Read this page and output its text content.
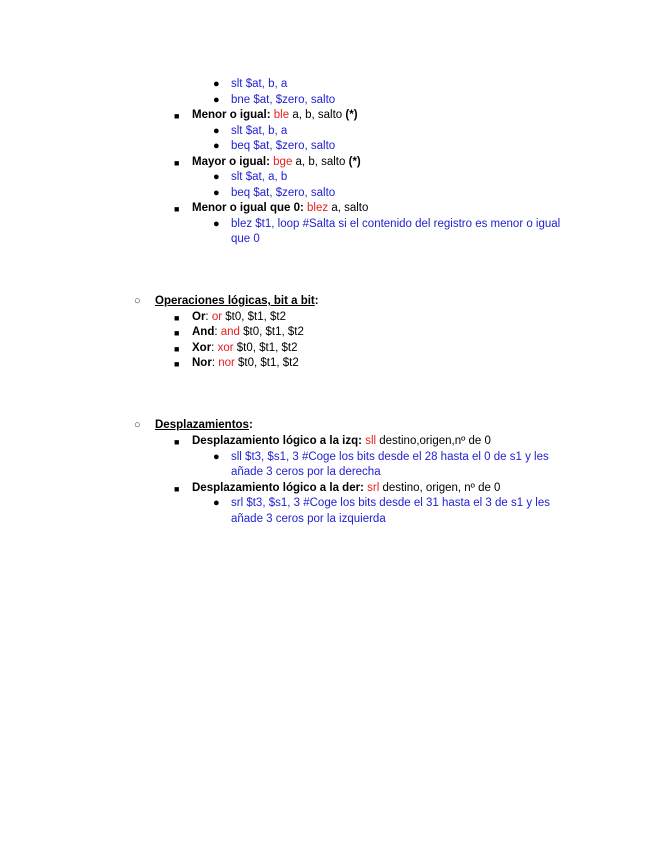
● slt $at, b, a
● bne $at, $zero, salto
■ Menor o igual: ble a, b, salto (*)
● slt $at, b, a
● beq $at, $zero, salto
■ Mayor o igual: bge a, b, salto (*)
● slt $at, a, b
● beq $at, $zero, salto
■ Menor o igual que 0: blez a, salto
● blez $t1, loop #Salta si el contenido del registro es menor o igual
que 0
○ Operaciones lógicas, bit a bit:
■ Or: or $t0, $t1, $t2
■ And: and $t0, $t1, $t2
■ Xor: xor $t0, $t1, $t2
■ Nor: nor $t0, $t1, $t2
○ Desplazamientos:
■ Desplazamiento lógico a la izq: sll destino,origen,nº de 0
● sll $t3, $s1, 3 #Coge los bits desde el 28 hasta el 0 de s1 y les
añade 3 ceros por la derecha
■ Desplazamiento lógico a la der: srl destino, origen, nº de 0
● srl $t3, $s1, 3 #Coge los bits desde el 31 hasta el 3 de s1 y les
añade 3 ceros por la izquierda
